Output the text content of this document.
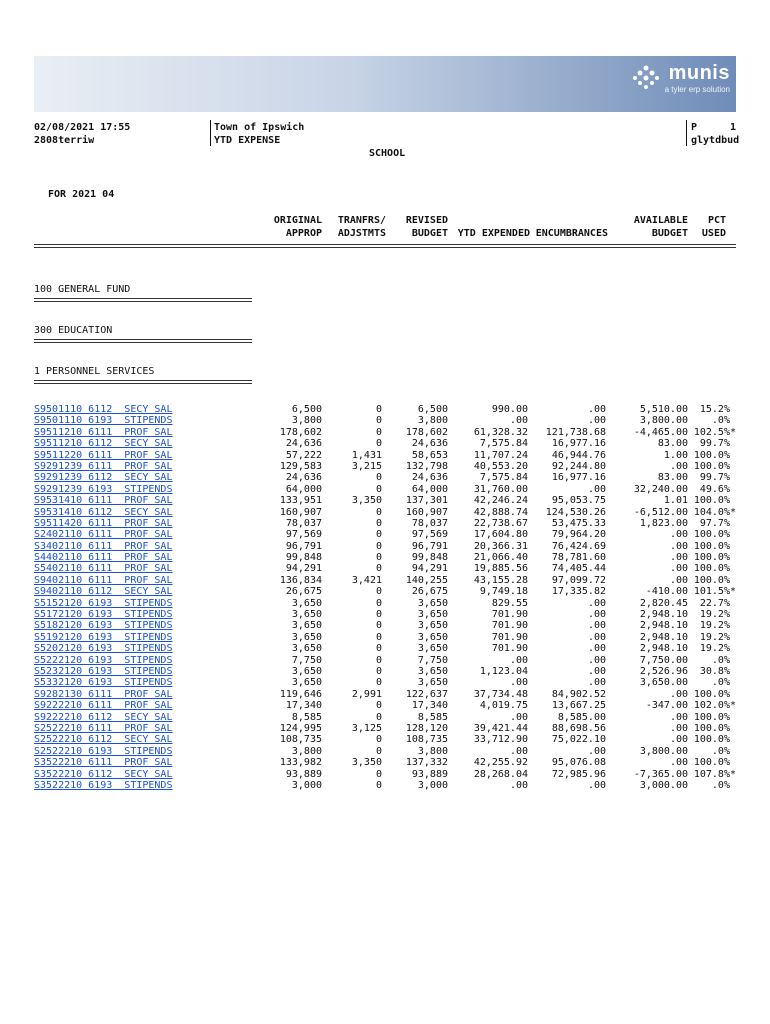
munis
a tyler erp solution
02/08/2021 17:55
2808terriw
Town of Ipswich
YTD EXPENSE
SCHOOL
P	1
glytdbud
FOR 2021 04
ORIGINAL
APPROP
TRANFRS/
ADJSTMTS
REVISED
BUDGET
YTD EXPENDED
ENCUMBRANCES
AVAILABLE
BUDGET
PCT
USED
100 GENERAL FUND
300 EDUCATION
1 PERSONNEL SERVICES
S9501110 6112  SECY SAL	6,500	0	6,500	990.00	.00	5,510.00	15.2%
S9501110 6193  STIPENDS	3,800	0	3,800	.00	.00	3,800.00	.0%
S9511210 6111  PROF SAL	178,602	0	178,602	61,328.32	121,738.68	-4,465.00 102.5%*
S9511210 6112  SECY SAL	24,636	0	24,636	7,575.84	16,977.16	83.00	99.7%
S9511220 6111  PROF SAL	57,222	1,431	58,653	11,707.24	46,944.76	1.00 100.0%
S9291239 6111  PROF SAL	129,583	3,215	132,798	40,553.20	92,244.80	.00 100.0%
S9291239 6112  SECY SAL	24,636	0	24,636	7,575.84	16,977.16	83.00	99.7%
S9291239 6193  STIPENDS	64,000	0	64,000	31,760.00	.00	32,240.00	49.6%
S9531410 6111  PROF SAL	133,951	3,350	137,301	42,246.24	95,053.75	1.01 100.0%
S9531410 6112  SECY SAL	160,907	0	160,907	42,888.74	124,530.26	-6,512.00 104.0%*
S9511420 6111  PROF SAL	78,037	0	78,037	22,738.67	53,475.33	1,823.00	97.7%
S2402110 6111  PROF SAL	97,569	0	97,569	17,604.80	79,964.20	.00 100.0%
S3402110 6111  PROF SAL	96,791	0	96,791	20,366.31	76,424.69	.00 100.0%
S4402110 6111  PROF SAL	99,848	0	99,848	21,066.40	78,781.60	.00 100.0%
S5402110 6111  PROF SAL	94,291	0	94,291	19,885.56	74,405.44	.00 100.0%
S9402110 6111  PROF SAL	136,834	3,421	140,255	43,155.28	97,099.72	.00 100.0%
S9402110 6112  SECY SAL	26,675	0	26,675	9,749.18	17,335.82	-410.00 101.5%*
S5152120 6193  STIPENDS	3,650	0	3,650	829.55	.00	2,820.45	22.7%
S5172120 6193  STIPENDS	3,650	0	3,650	701.90	.00	2,948.10	19.2%
S5182120 6193  STIPENDS	3,650	0	3,650	701.90	.00	2,948.10	19.2%
S5192120 6193  STIPENDS	3,650	0	3,650	701.90	.00	2,948.10	19.2%
S5202120 6193  STIPENDS	3,650	0	3,650	701.90	.00	2,948.10	19.2%
S5222120 6193  STIPENDS	7,750	0	7,750	.00	.00	7,750.00	.0%
S5232120 6193  STIPENDS	3,650	0	3,650	1,123.04	.00	2,526.96	30.8%
S5332120 6193  STIPENDS	3,650	0	3,650	.00	.00	3,650.00	.0%
S9282130 6111  PROF SAL	119,646	2,991	122,637	37,734.48	84,902.52	.00 100.0%
S9222210 6111  PROF SAL	17,340	0	17,340	4,019.75	13,667.25	-347.00 102.0%*
S9222210 6112  SECY SAL	8,585	0	8,585	.00	8,585.00	.00 100.0%
S2522210 6111  PROF SAL	124,995	3,125	128,120	39,421.44	88,698.56	.00 100.0%
S2522210 6112  SECY SAL	108,735	0	108,735	33,712.90	75,022.10	.00 100.0%
S2522210 6193  STIPENDS	3,800	0	3,800	.00	.00	3,800.00	.0%
S3522210 6111  PROF SAL	133,982	3,350	137,332	42,255.92	95,076.08	.00 100.0%
S3522210 6112  SECY SAL	93,889	0	93,889	28,268.04	72,985.96	-7,365.00 107.8%*
S3522210 6193  STIPENDS	3,000	0	3,000	.00	.00	3,000.00	.0%
